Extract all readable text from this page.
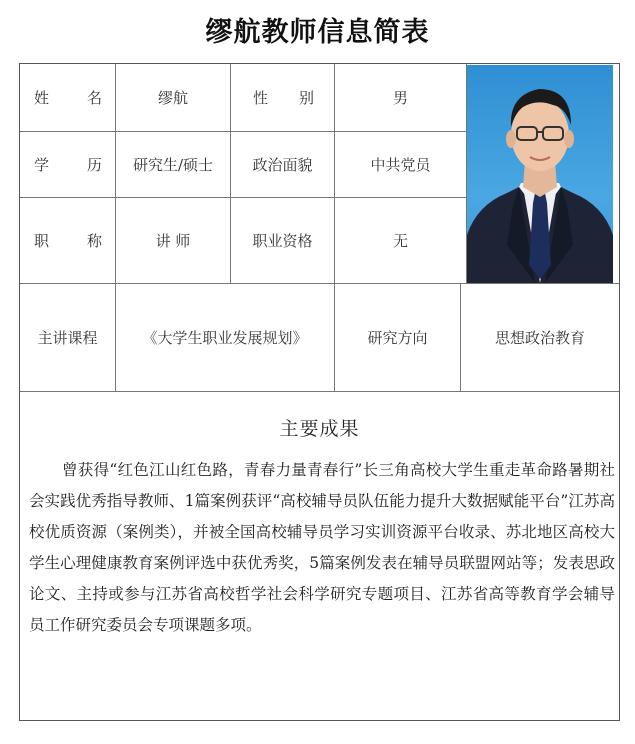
缪航教师信息简表
姓	名	缪航	性 别	男
学	历	研究生/硕士	政治面貌	中共党员
职	称	讲 师	职业资格	无
主讲课程	《大学生职业发展规划》	研究方向	思想政治教育
主要成果
曾获得“红色江山红色路，青春力量青春行”长三角高校大学生重走革命路暑期社会实践优秀指导教师、1篇案例获评“高校辅导员队伍能力提升大数据赋能平台”江苏高校优质资源（案例类），并被全国高校辅导员学习实训资源平台收录、苏北地区高校大学生心理健康教育案例评选中获优秀奖，5篇案例发表在辅导员联盟网站等；发表思政论文、主持或参与江苏省高校哲学社会科学研究专题项目、江苏省高等教育学会辅导员工作研究委员会专项课题多项。
